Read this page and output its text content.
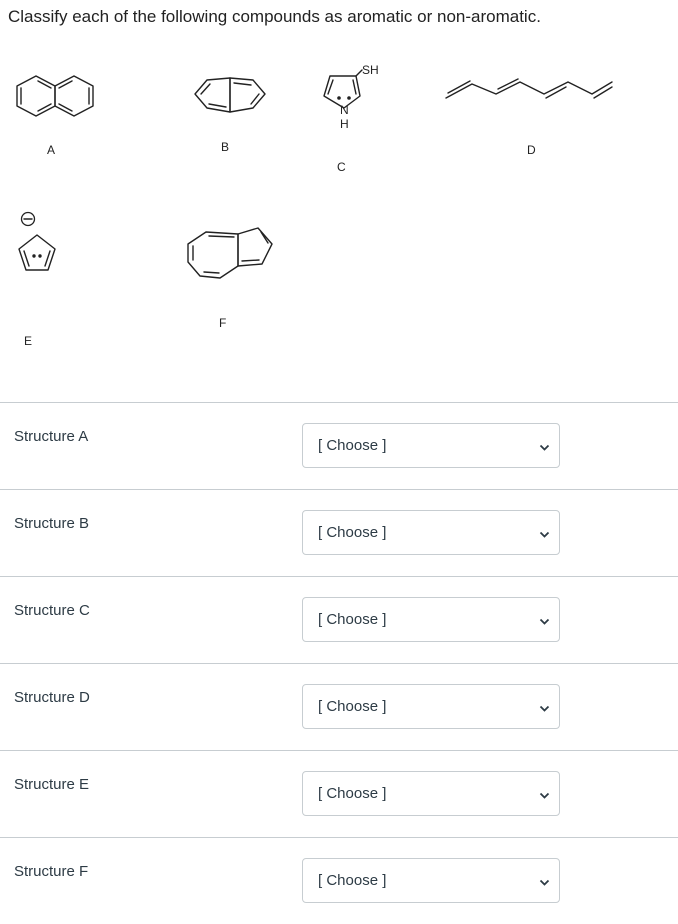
Classify each of the following compounds as aromatic or non-aromatic.
A	B
SH
N
H
C
D
E
F
Structure A
[ Choose ]
Structure B
[ Choose ]
Structure C
[ Choose ]
Structure D
[ Choose ]
Structure E
[ Choose ]
Structure F
[ Choose ]
